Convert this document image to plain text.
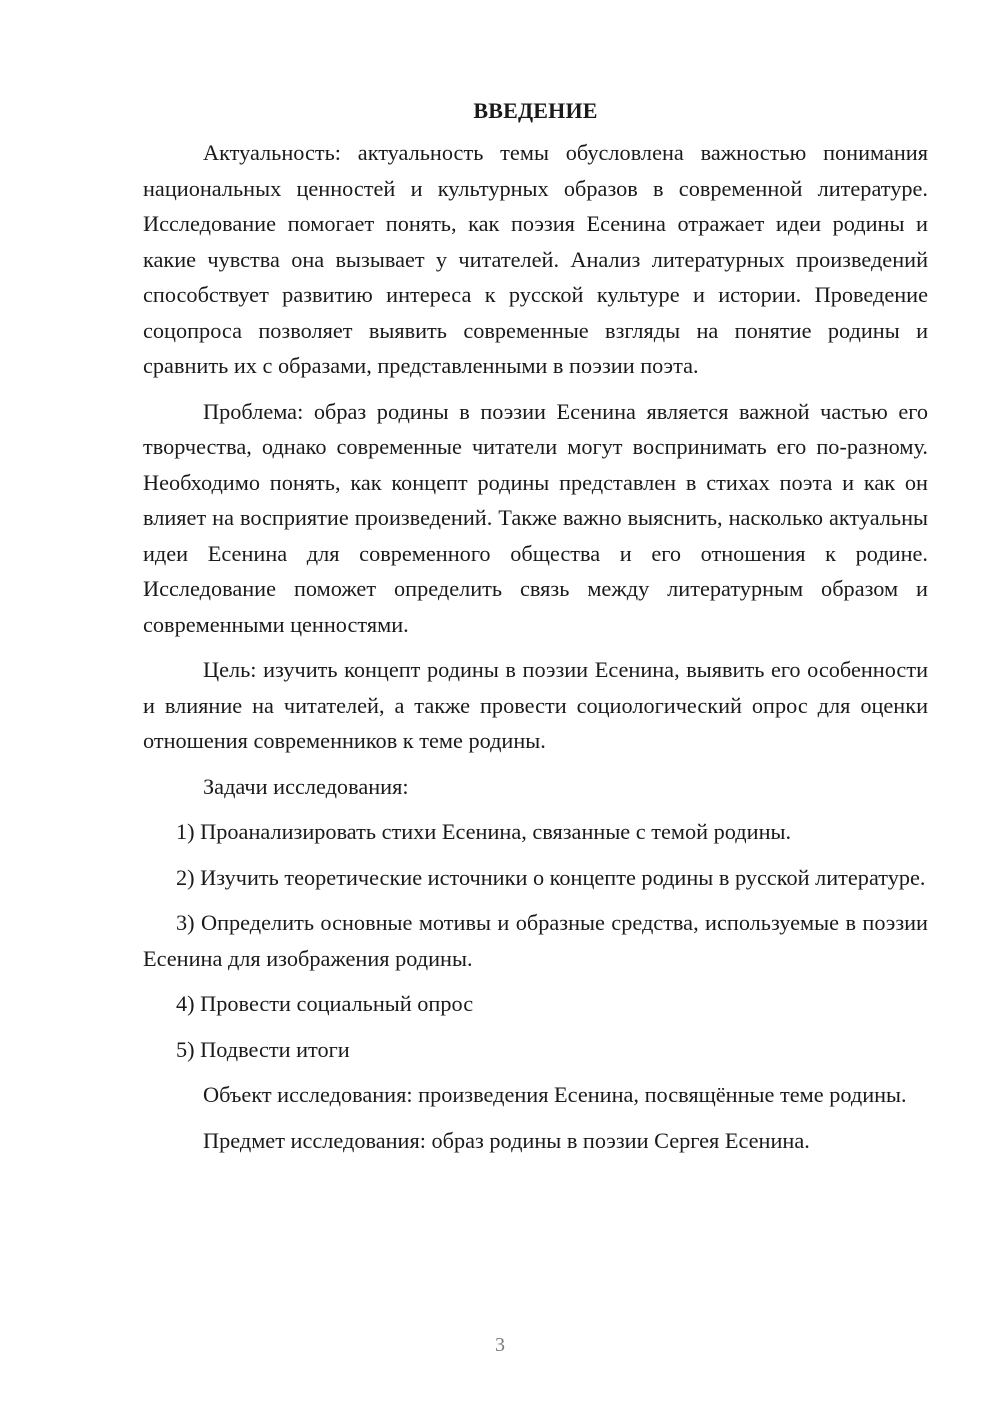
ВВЕДЕНИЕ

Актуальность: актуальность темы обусловлена важностью понимания национальных ценностей и культурных образов в современной литературе. Исследование помогает понять, как поэзия Есенина отражает идеи родины и какие чувства она вызывает у читателей. Анализ литературных произведений способствует развитию интереса к русской культуре и истории. Проведение соцопроса позволяет выявить современные взгляды на понятие родины и сравнить их с образами, представленными в поэзии поэта.

Проблема: образ родины в поэзии Есенина является важной частью его творчества, однако современные читатели могут воспринимать его по-разному. Необходимо понять, как концепт родины представлен в стихах поэта и как он влияет на восприятие произведений. Также важно выяснить, насколько актуальны идеи Есенина для современного общества и его отношения к родине. Исследование поможет определить связь между литературным образом и современными ценностями.

Цель: изучить концепт родины в поэзии Есенина, выявить его особенности и влияние на читателей, а также провести социологический опрос для оценки отношения современников к теме родины.

Задачи исследования:

1) Проанализировать стихи Есенина, связанные с темой родины.

2) Изучить теоретические источники о концепте родины в русской литературе.

3) Определить основные мотивы и образные средства, используемые в поэзии Есенина для изображения родины.

4) Провести социальный опрос

5) Подвести итоги

Объект исследования: произведения Есенина, посвящённые теме родины.

Предмет исследования: образ родины в поэзии Сергея Есенина.

3
